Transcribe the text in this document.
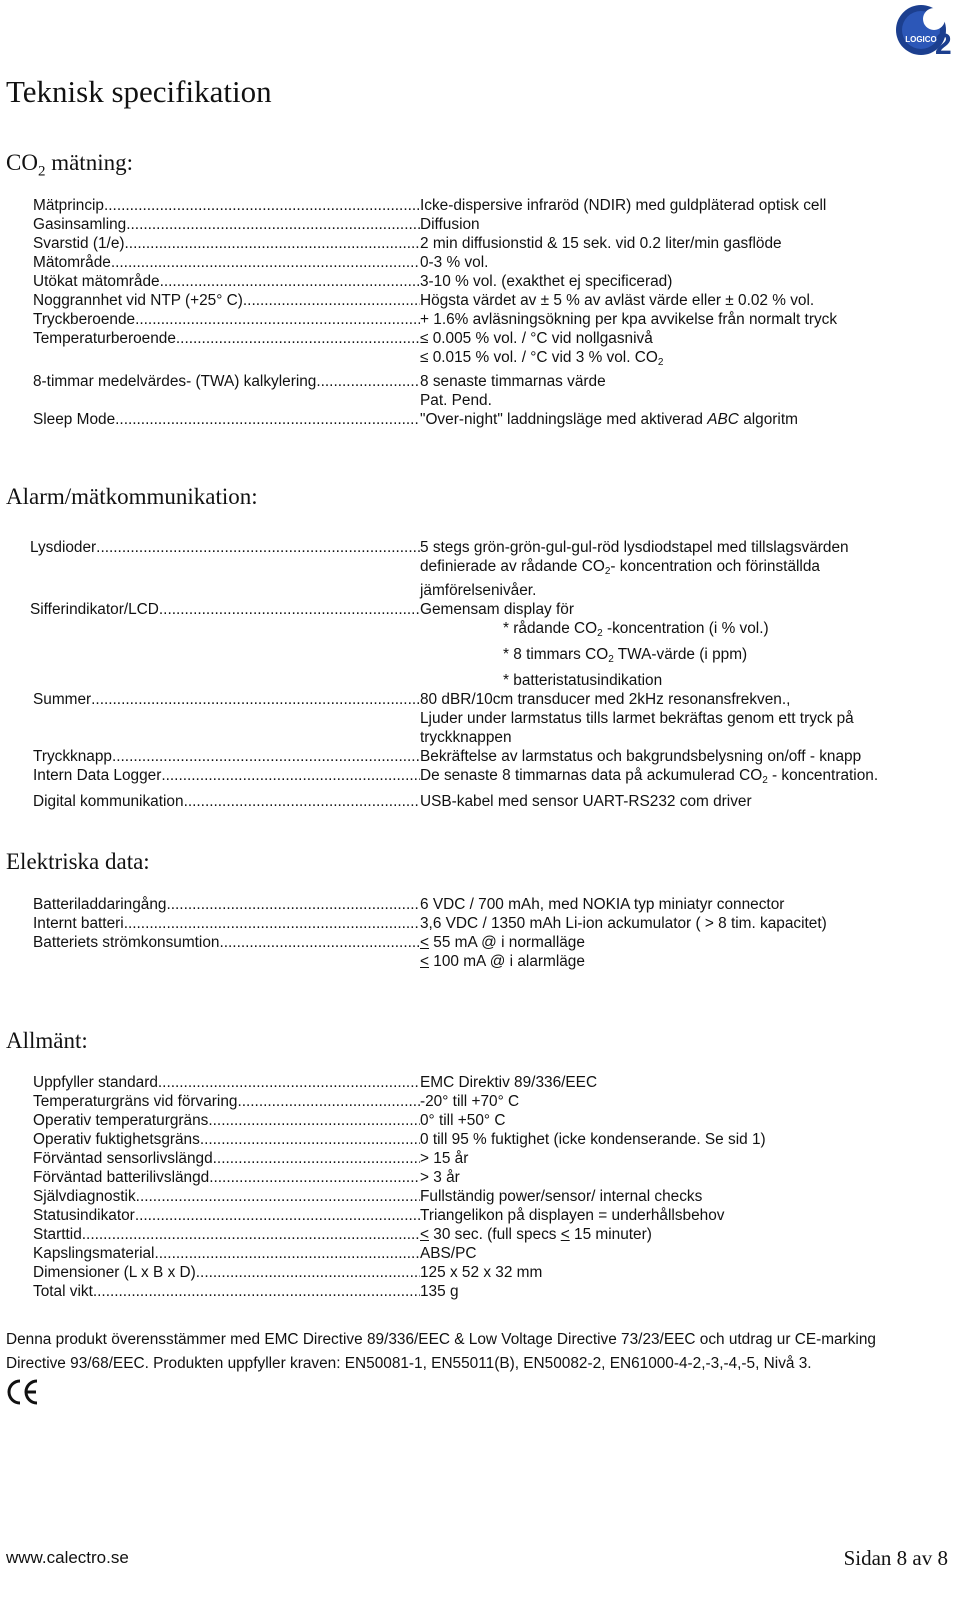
LOGICO
2
Teknisk specifikation
$CO_2$ mätning:
Mätprincip .....	Icke-dispersive infraröd (NDIR) med guldpläterad optisk cell
Gasinsamling .....	Diffusion
Svarstid (1/e) .....	2 min diffusionstid & 15 sek. vid 0.2 liter/min gasflöde
Mätområde .....	0-3 % vol.
Utökat mätområde .....	3-10 % vol. (exakthet ej specificerad)
Noggrannhet vid NTP (+25° C) .....	Högsta värdet av ± 5 % av avläst värde eller ± 0.02 % vol.
Tryckberoende .....	+ 1.6% avläsningsökning per kpa avvikelse från normalt tryck
Temperaturberoende .....	≤ 0.005 % vol. / °C vid nollgasnivå
≤ 0.015 % vol. / °C vid 3 % vol. $CO_2$
8-timmar medelvärdes- (TWA) kalkylering .....	8 senaste timmarnas värde
Pat. Pend.
Sleep Mode .....	"Over-night" laddningsläge med aktiverad ABC algoritm
Alarm/mätkommunikation:
Lysdioder .....	5 stegs grön-grön-gul-gul-röd lysdiodstapel med tillslagsvärden
definierade av rådande $CO_2-$ koncentration och förinställda
jämförelsenivåer.
Sifferindikator/LCD .....	Gemensam display för
* rådande $CO_2$ -koncentration (i % vol.)
* 8 timmars $CO_2$ TWA-värde (i ppm)
* batteristatusindikation
Summer .....	80 dBR/10cm transducer med 2kHz resonansfrekven.,
Ljuder under larmstatus tills larmet bekräftas genom ett tryck på
tryckknappen
Tryckknapp .....	Bekräftelse av larmstatus och bakgrundsbelysning on/off - knapp
Intern Data Logger .....	De senaste 8 timmarnas data på ackumulerad $CO_2$ - koncentration.
Digital kommunikation .....	USB-kabel med sensor UART-RS232 com driver
Elektriska data:
Batteriladdaringång .....	6 VDC / 700 mAh, med NOKIA typ miniatyr connector
Internt batteri .....	3,6 VDC / 1350 mAh Li-ion ackumulator ( > 8 tim. kapacitet)
Batteriets strömkonsumtion .....	< 55 mA @ i normalläge
< 100 mA @ i alarmläge
Allmänt:
Uppfyller standard .....	EMC Direktiv 89/336/EEC
Temperaturgräns vid förvaring .....	-20° till +70° C
Operativ temperaturgräns .....	0° till +50° C
Operativ fuktighetsgräns .....	0 till 95 % fuktighet (icke kondenserande. Se sid 1)
Förväntad sensorlivslängd .....	> 15 år
Förväntad batterilivslängd .....	> 3 år
Självdiagnostik .....	Fullständig power/sensor/ internal checks
Statusindikator .....	Triangelikon på displayen = underhållsbehov
Starttid .....	< 30 sec. (full specs < 15 minuter)
Kapslingsmaterial .....	ABS/PC
Dimensioner (L x B x D) .....	125 x 52 x 32 mm
Total vikt .....	135 g
Denna produkt överensstämmer med EMC Directive 89/336/EEC & Low Voltage Directive 73/23/EEC och utdrag ur CE-marking
Directive 93/68/EEC. Produkten uppfyller kraven: EN50081-1, EN55011(B), EN50082-2, EN61000-4-2,-3,-4,-5, Nivå 3.
www.calectro.se	Sidan 8 av 8
